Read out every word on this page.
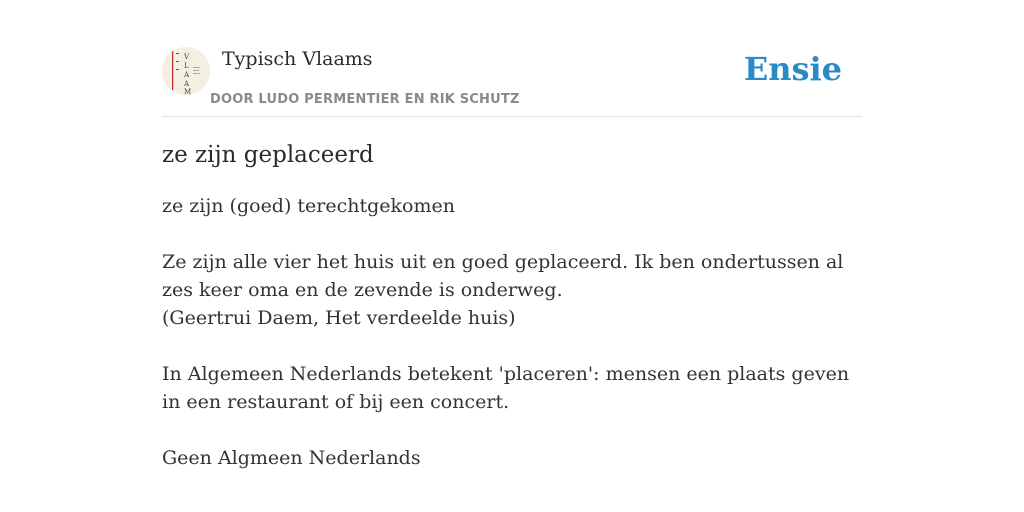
V
L
A
A
M
Typisch Vlaams
DOOR LUDO PERMENTIER EN RIK SCHUTZ
Ensie
ze zijn geplaceerd

ze zijn (goed) terechtgekomen

Ze zijn alle vier het huis uit en goed geplaceerd. Ik ben ondertussen al zes keer oma en de zevende is onderweg.

(Geertrui Daem, Het verdeelde huis)

In Algemeen Nederlands betekent 'placeren': mensen een plaats geven in een restaurant of bij een concert.

Geen Algmeen Nederlands
